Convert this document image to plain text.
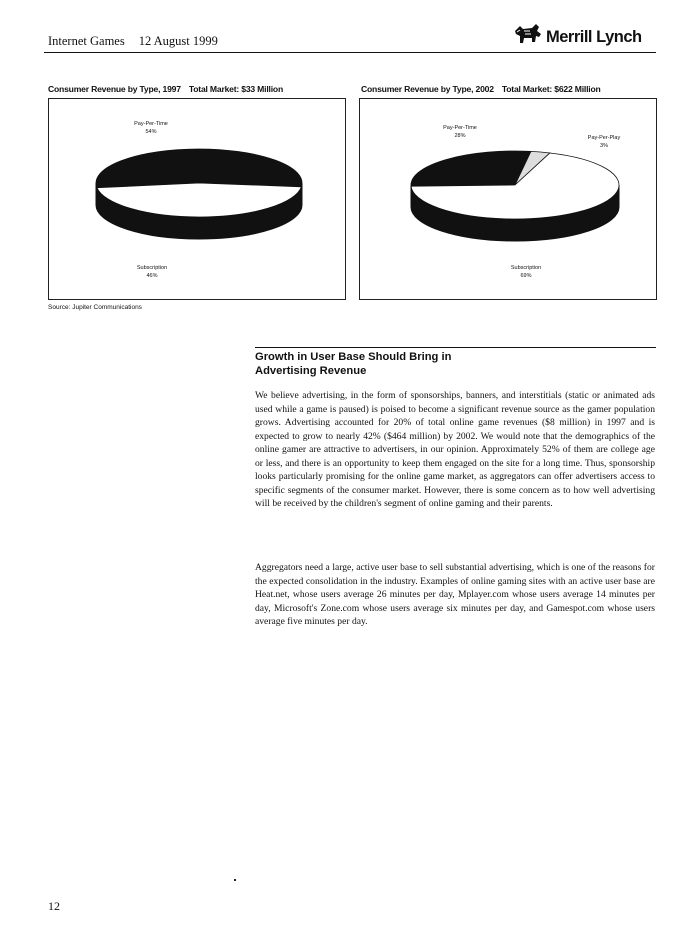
Internet Games 12 August 1999	Merrill Lynch
Consumer Revenue by Type, 1997 Total Market: $33 Million
Pay-Per-Time
54%
Subscription
46%
Consumer Revenue by Type, 2002 Total Market: $622 Million
Pay-Per-Time
28%	Pay-Per-Play
3%
Subscription
69%
Source: Jupiter Communications
Growth in User Base Should Bring in
Advertising Revenue

We believe advertising, in the form of sponsorships, banners, and interstitials (static or animated ads used while a game is paused) is poised to become a significant revenue source as the gamer population grows. Advertising accounted for 20% of total online game revenues ($8 million) in 1997 and is expected to grow to nearly 42% ($464 million) by 2002. We would note that the demographics of the online gamer are attractive to advertisers, in our opinion. Approximately 52% of them are college age or less, and there is an opportunity to keep them engaged on the site for a long time. Thus, sponsorship looks particularly promising for the online game market, as aggregators can offer advertisers access to specific segments of the consumer market. However, there is some concern as to how well advertising will be received by the children's segment of online gaming and their parents.

Aggregators need a large, active user base to sell substantial advertising, which is one of the reasons for the expected consolidation in the industry. Examples of online gaming sites with an active user base are Heat.net, whose users average 26 minutes per day, Mplayer.com whose users average 14 minutes per day, Microsoft's Zone.com whose users average six minutes per day, and Gamespot.com whose users average five minutes per day.

12
